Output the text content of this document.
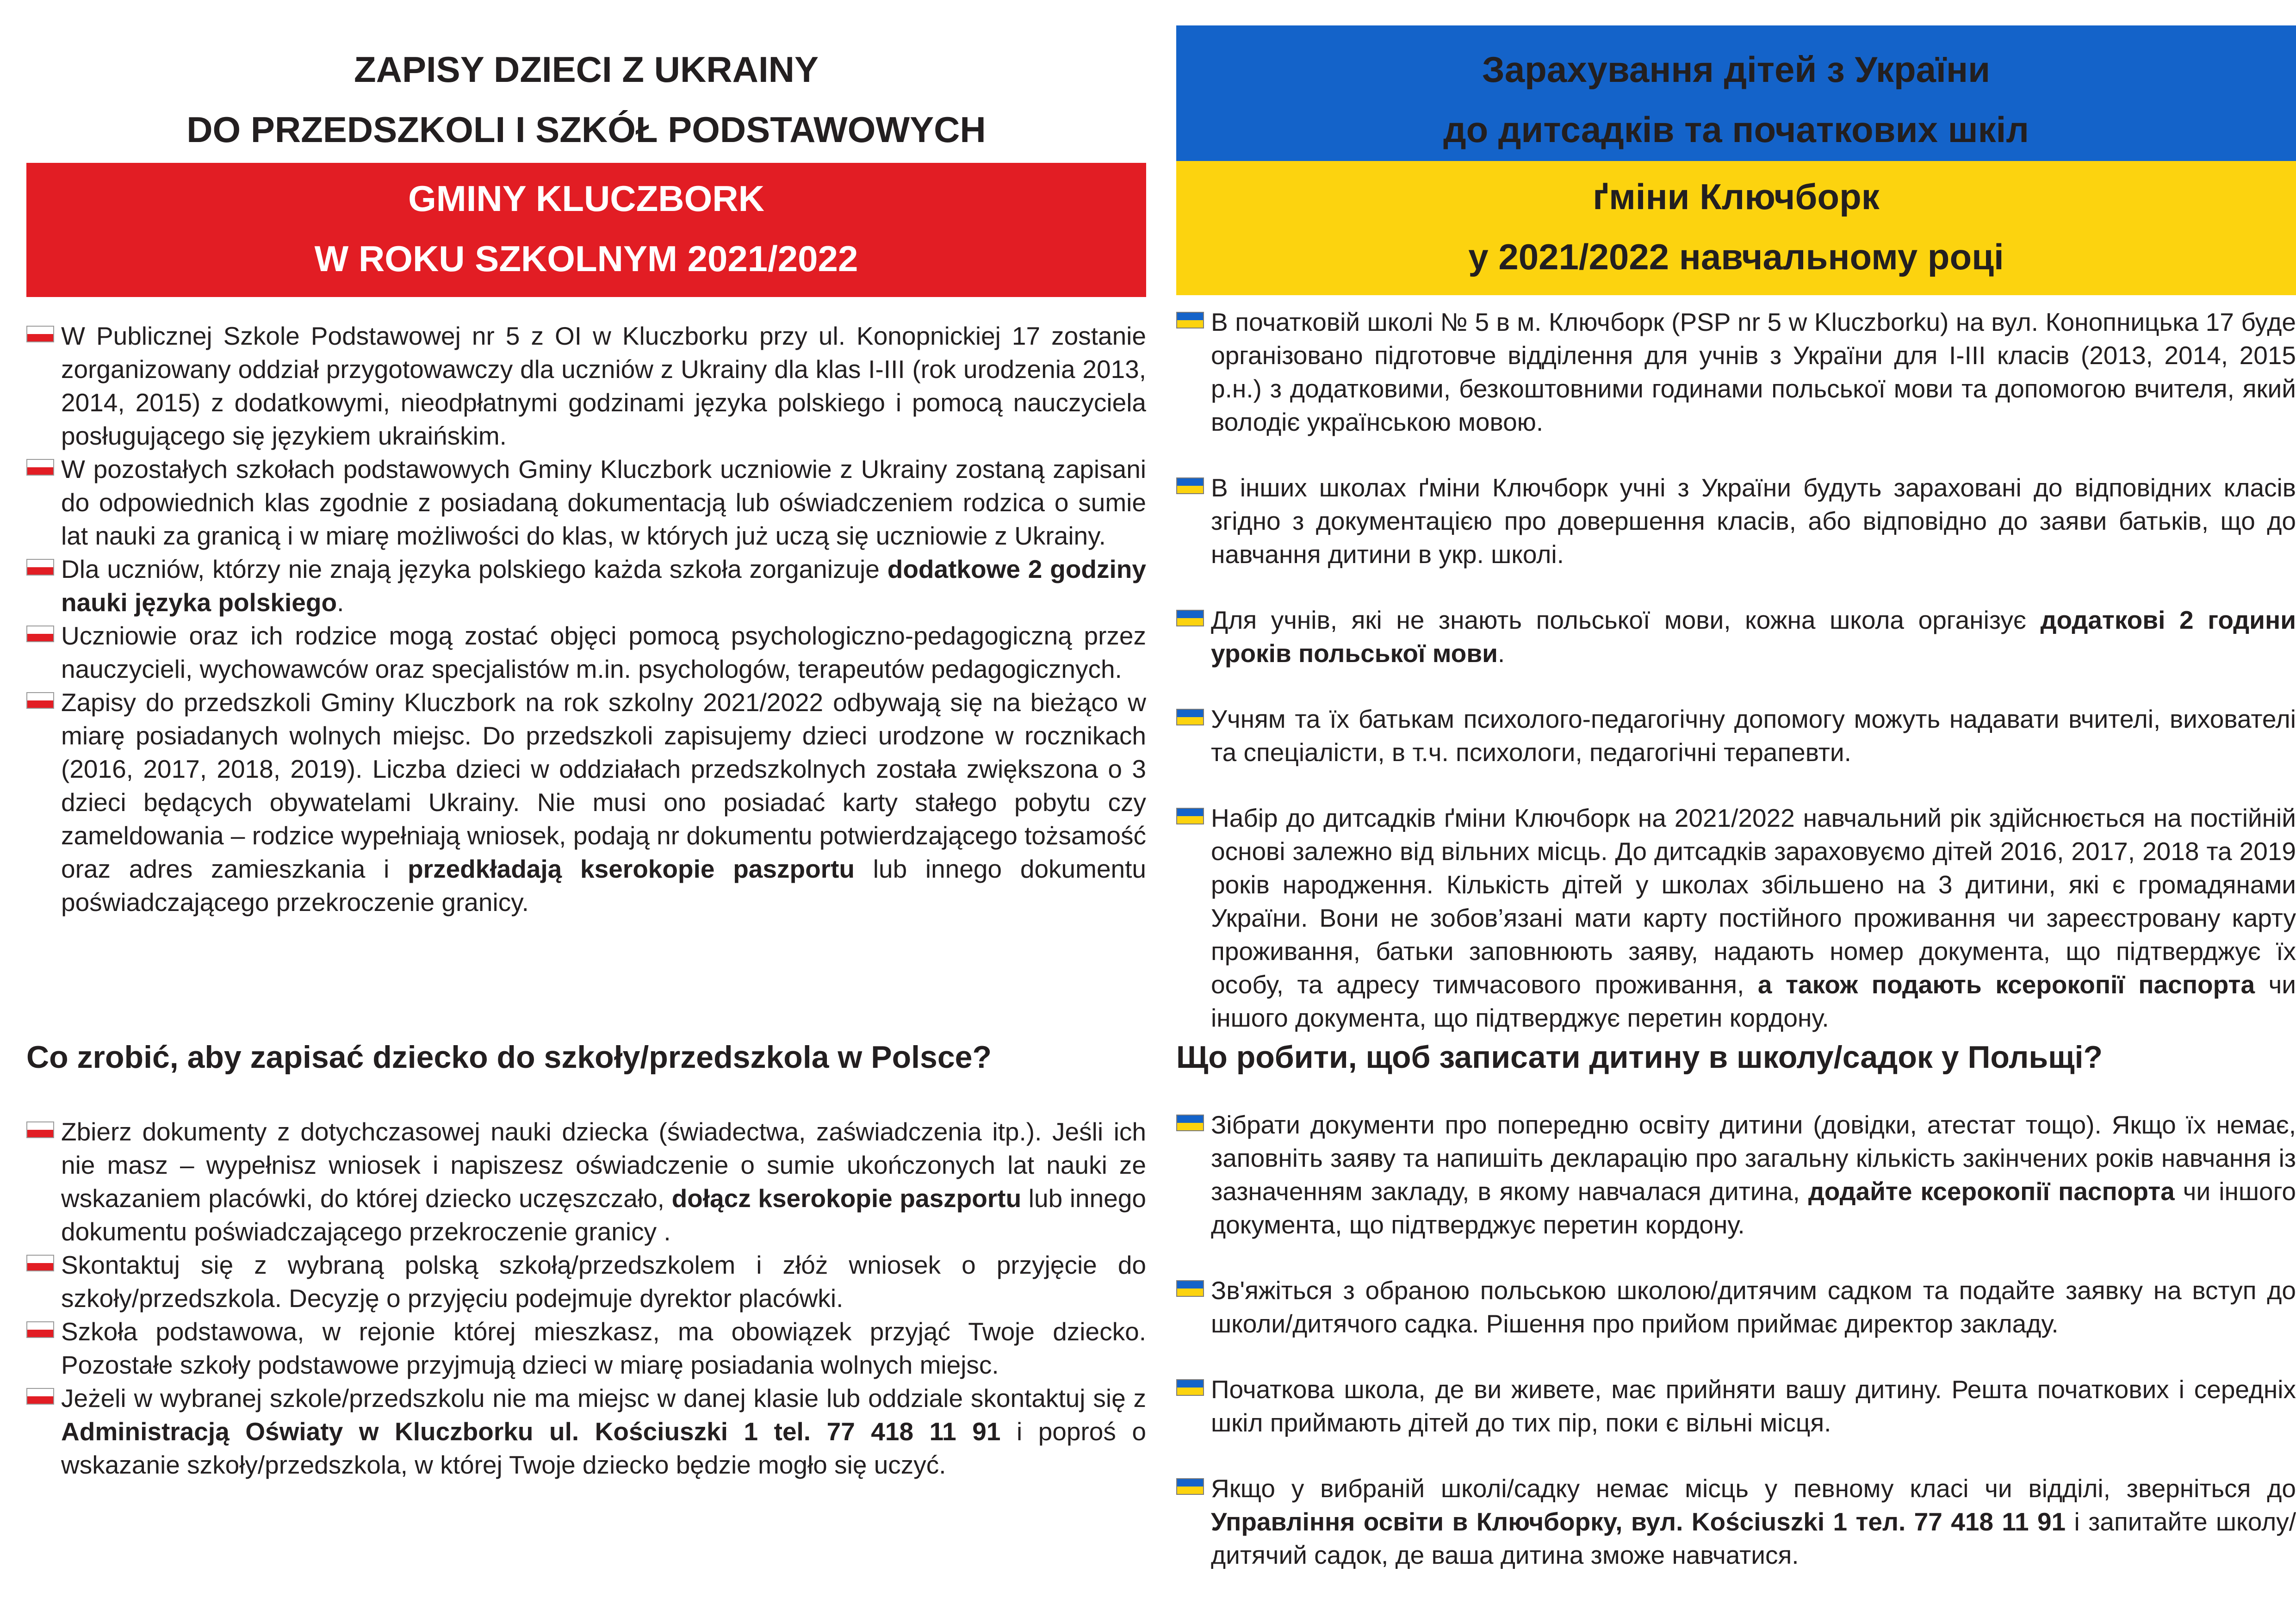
ZAPISY DZIECI Z UKRAINY
DO PRZEDSZKOLI I SZKÓŁ PODSTAWOWYCH
GMINY KLUCZBORK
W ROKU SZKOLNYM 2021/2022

W Publicznej Szkole Podstawowej nr 5 z OI w Kluczborku przy ul. Konopnickiej 17 zostanie zorganizowany oddział przygotowawczy dla uczniów z Ukrainy dla klas I-III (rok urodzenia 2013, 2014, 2015) z dodatkowymi, nieodpłatnymi godzinami języka polskiego i pomocą nauczyciela posługującego się językiem ukraińskim.

W pozostałych szkołach podstawowych Gminy Kluczbork uczniowie z Ukrainy zostaną zapisani do odpowiednich klas zgodnie z posiadaną dokumentacją lub oświadczeniem rodzica o sumie lat nauki za granicą i w miarę możliwości do klas, w których już uczą się uczniowie z Ukrainy.

Dla uczniów, którzy nie znają języka polskiego każda szkoła zorganizuje dodatkowe 2 godziny nauki języka polskiego.

Uczniowie oraz ich rodzice mogą zostać objęci pomocą psychologiczno-pedagogiczną przez nauczycieli, wychowawców oraz specjalistów m.in. psychologów, terapeutów pedagogicznych.

Zapisy do przedszkoli Gminy Kluczbork na rok szkolny 2021/2022 odbywają się na bieżąco w miarę posiadanych wolnych miejsc. Do przedszkoli zapisujemy dzieci urodzone w rocznikach (2016, 2017, 2018, 2019). Liczba dzieci w oddziałach przedszkolnych została zwiększona o 3 dzieci będących obywatelami Ukrainy. Nie musi ono posiadać karty stałego pobytu czy zameldowania – rodzice wypełniają wniosek, podają nr dokumentu potwierdzającego tożsamość oraz adres zamieszkania i przedkładają kserokopie paszportu lub innego dokumentu poświadczającego przekroczenie granicy.

Co zrobić, aby zapisać dziecko do szkoły/przedszkola w Polsce?

Zbierz dokumenty z dotychczasowej nauki dziecka (świadectwa, zaświadczenia itp.). Jeśli ich nie masz – wypełnisz wniosek i napiszesz oświadczenie o sumie ukończonych lat nauki ze wskazaniem placówki, do której dziecko uczęszczało, dołącz kserokopie paszportu lub innego dokumentu poświadczającego przekroczenie granicy .

Skontaktuj się z wybraną polską szkołą/przedszkolem i złóż wniosek o przyjęcie do szkoły/przedszkola. Decyzję o przyjęciu podejmuje dyrektor placówki.

Szkoła podstawowa, w rejonie której mieszkasz, ma obowiązek przyjąć Twoje dziecko. Pozostałe szkoły podstawowe przyjmują dzieci w miarę posiadania wolnych miejsc.

Jeżeli w wybranej szkole/przedszkolu nie ma miejsc w danej klasie lub oddziale skontaktuj się z Administracją Oświaty w Kluczborku ul. Kościuszki 1 tel. 77 418 11 91 i poproś o wskazanie szkoły/przedszkola, w której Twoje dziecko będzie mogło się uczyć.

Зарахування дітей з України
до дитсадків та початкових шкіл
ґміни Ключборк
у 2021/2022 навчальному році

В початковій школі № 5 в м. Ключборк (PSP nr 5 w Kluczborku) на вул. Конопницька 17 буде організовано підготовче відділення для учнів з України для I-III класів (2013, 2014, 2015 р.н.) з додатковими, безкоштовними годинами польської мови та допомогою вчителя, який володіє українською мовою.

В інших школах ґміни Ключборк учні з України будуть зараховані до відповідних класів згідно з документацією про довершення класів, або відповідно до заяви батьків, що до навчання дитини в укр. школі.

Для учнів, які не знають польської мови, кожна школа організує додаткові 2 години уроків польської мови.

Учням та їх батькам психолого-педагогічну допомогу можуть надавати вчителі, вихователі та спеціалісти, в т.ч. психологи, педагогічні терапевти.

Набір до дитсадків ґміни Ключборк на 2021/2022 навчальний рік здійснюється на постійній основі залежно від вільних місць. До дитсадків зараховуємо дітей 2016, 2017, 2018 та 2019 років народження. Кількість дітей у школах збільшено на 3 дитини, які є громадянами України. Вони не зобов’язані мати карту постійного проживання чи зареєстровану карту проживання, батьки заповнюють заяву, надають номер документа, що підтверджує їх особу, та адресу тимчасового проживання, а також подають ксерокопії паспорта чи іншого документа, що підтверджує перетин кордону.

Що робити, щоб записати дитину в школу/садок у Польщі?

Зібрати документи про попередню освіту дитини (довідки, атестат тощо). Якщо їх немає, заповніть заяву та напишіть декларацію про загальну кількість закінчених років навчання із зазначенням закладу, в якому навчалася дитина, додайте ксерокопії паспорта чи іншого документа, що підтверджує перетин кордону.

Зв'яжіться з обраною польською школою/дитячим садком та подайте заявку на вступ до школи/дитячого садка. Рішення про прийом приймає директор закладу.

Початкова школа, де ви живете, має прийняти вашу дитину. Решта початкових і середніх шкіл приймають дітей до тих пір, поки є вільні місця.

Якщо у вибраній школі/садку немає місць у певному класі чи відділі, зверніться до Управління освіти в Ключборку, вул. Kościuszki 1 тел. 77 418 11 91 і запитайте школу/дитячий садок, де ваша дитина зможе навчатися.
